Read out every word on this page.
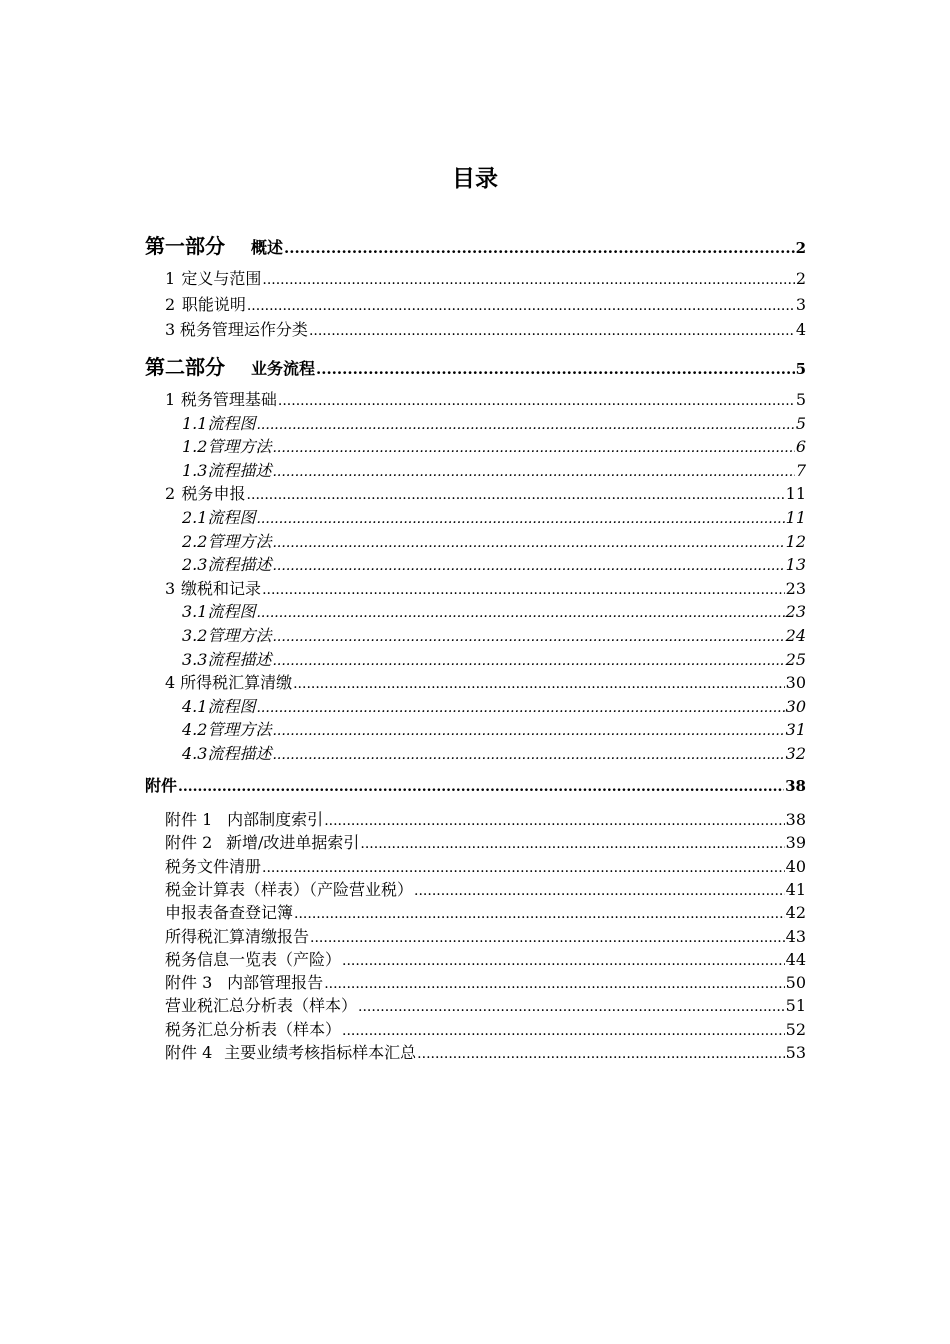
目录
第一部分 概述 .....	2
1 定义与范围 .....	2
2 职能说明 .....	3
3 税务管理运作分类 .....	4
第二部分 业务流程 .....	5
1 税务管理基础 .....	5
1.1 流程图 .....	5
1.2 管理方法 .....	6
1.3 流程描述 .....	7
2 税务申报 .....	11
2.1 流程图 .....	11
2.2 管理方法 .....	12
2.3 流程描述 .....	13
3 缴税和记录 .....	23
3.1 流程图 .....	23
3.2 管理方法 .....	24
3.3 流程描述 .....	25
4 所得税汇算清缴 .....	30
4.1 流程图 .....	30
4.2 管理方法 .....	31
4.3 流程描述 .....	32
附件 .....	38
附件 1 内部制度索引 .....	38
附件 2 新增/改进单据索引 .....	39
税务文件清册 .....	40
税金计算表（样表）（产险营业税） .....	41
申报表备查登记簿 .....	42
所得税汇算清缴报告 .....	43
税务信息一览表（产险） .....	44
附件 3 内部管理报告 .....	50
营业税汇总分析表（样本） .....	51
税务汇总分析表（样本） .....	52
附件 4 主要业绩考核指标样本汇总 .....	53
